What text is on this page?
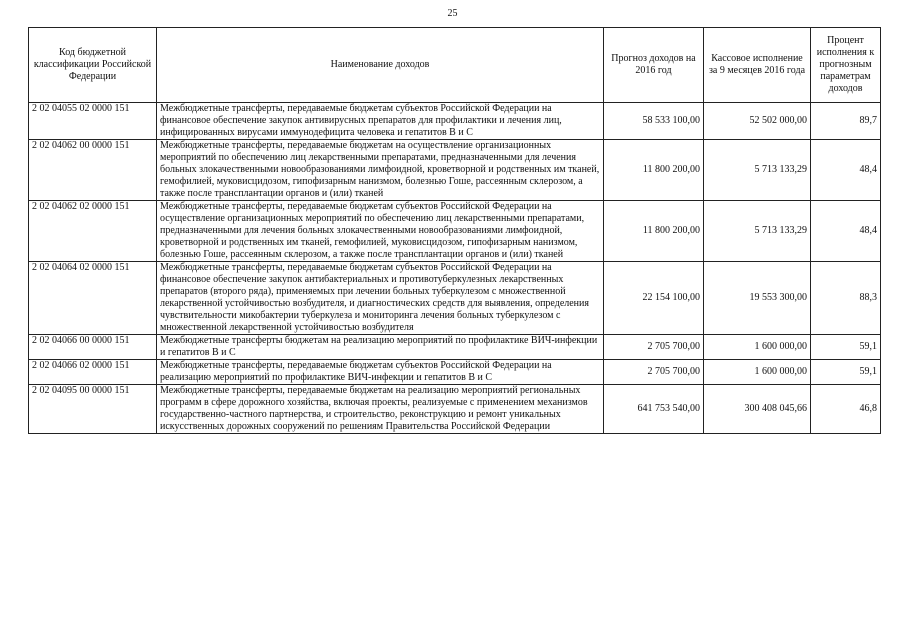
25
Код бюджетной классификации Российской Федерации	Наименование доходов	Прогноз доходов на 2016 год	Кассовое исполнение за 9 месяцев 2016 года	Процент исполнения к прогнозным параметрам доходов
2 02 04055 02 0000 151	Межбюджетные трансферты, передаваемые бюджетам субъектов Российской Федерации на финансовое обеспечение закупок антивирусных препаратов для профилактики и лечения лиц, инфицированных вирусами иммунодефицита человека и гепатитов В и С	58 533 100,00	52 502 000,00	89,7
2 02 04062 00 0000 151	Межбюджетные трансферты, передаваемые бюджетам на осуществление организационных мероприятий по обеспечению лиц лекарственными препаратами, предназначенными для лечения больных злокачественными новообразованиями лимфоидной, кроветворной и родственных им тканей, гемофилией, муковисцидозом, гипофизарным нанизмом, болезнью Гоше, рассеянным склерозом, а также после трансплантации органов и (или) тканей	11 800 200,00	5 713 133,29	48,4
2 02 04062 02 0000 151	Межбюджетные трансферты, передаваемые бюджетам субъектов Российской Федерации на осуществление организационных мероприятий по обеспечению лиц лекарственными препаратами, предназначенными для лечения больных злокачественными новообразованиями лимфоидной, кроветворной и родственных им тканей, гемофилией, муковисцидозом, гипофизарным нанизмом, болезнью Гоше, рассеянным склерозом, а также после трансплантации органов и (или) тканей	11 800 200,00	5 713 133,29	48,4
2 02 04064 02 0000 151	Межбюджетные трансферты, передаваемые бюджетам субъектов Российской Федерации на финансовое обеспечение закупок антибактериальных и противотуберкулезных лекарственных препаратов (второго ряда), применяемых при лечении больных туберкулезом с множественной лекарственной устойчивостью возбудителя, и диагностических средств для выявления, определения чувствительности микобактерии туберкулеза и мониторинга лечения больных туберкулезом с множественной лекарственной устойчивостью возбудителя	22 154 100,00	19 553 300,00	88,3
2 02 04066 00 0000 151	Межбюджетные трансферты бюджетам на реализацию мероприятий по профилактике ВИЧ-инфекции и гепатитов В и С	2 705 700,00	1 600 000,00	59,1
2 02 04066 02 0000 151	Межбюджетные трансферты, передаваемые бюджетам субъектов Российской Федерации на реализацию мероприятий по профилактике ВИЧ-инфекции и гепатитов В и С	2 705 700,00	1 600 000,00	59,1
2 02 04095 00 0000 151	Межбюджетные трансферты, передаваемые бюджетам на реализацию мероприятий региональных программ в сфере дорожного хозяйства, включая проекты, реализуемые с применением механизмов государственно-частного партнерства, и строительство, реконструкцию и ремонт уникальных искусственных дорожных сооружений по решениям Правительства Российской Федерации	641 753 540,00	300 408 045,66	46,8
